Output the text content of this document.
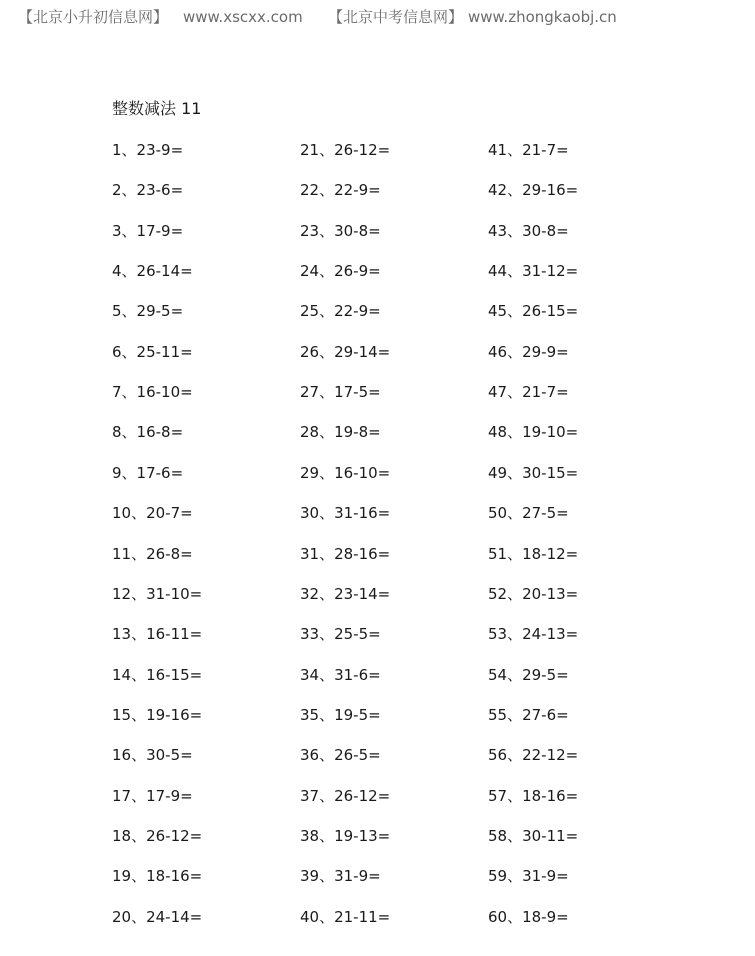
【北京小升初信息网】 www.xscxx.com 【北京中考信息网】 www.zhongkaobj.cn
整数减法 11
1、23-9=
2、23-6=
3、17-9=
4、26-14=
5、29-5=
6、25-11=
7、16-10=
8、16-8=
9、17-6=
10、20-7=
11、26-8=
12、31-10=
13、16-11=
14、16-15=
15、19-16=
16、30-5=
17、17-9=
18、26-12=
19、18-16=
20、24-14=
21、26-12=
22、22-9=
23、30-8=
24、26-9=
25、22-9=
26、29-14=
27、17-5=
28、19-8=
29、16-10=
30、31-16=
31、28-16=
32、23-14=
33、25-5=
34、31-6=
35、19-5=
36、26-5=
37、26-12=
38、19-13=
39、31-9=
40、21-11=
41、21-7=
42、29-16=
43、30-8=
44、31-12=
45、26-15=
46、29-9=
47、21-7=
48、19-10=
49、30-15=
50、27-5=
51、18-12=
52、20-13=
53、24-13=
54、29-5=
55、27-6=
56、22-12=
57、18-16=
58、30-11=
59、31-9=
60、18-9=
